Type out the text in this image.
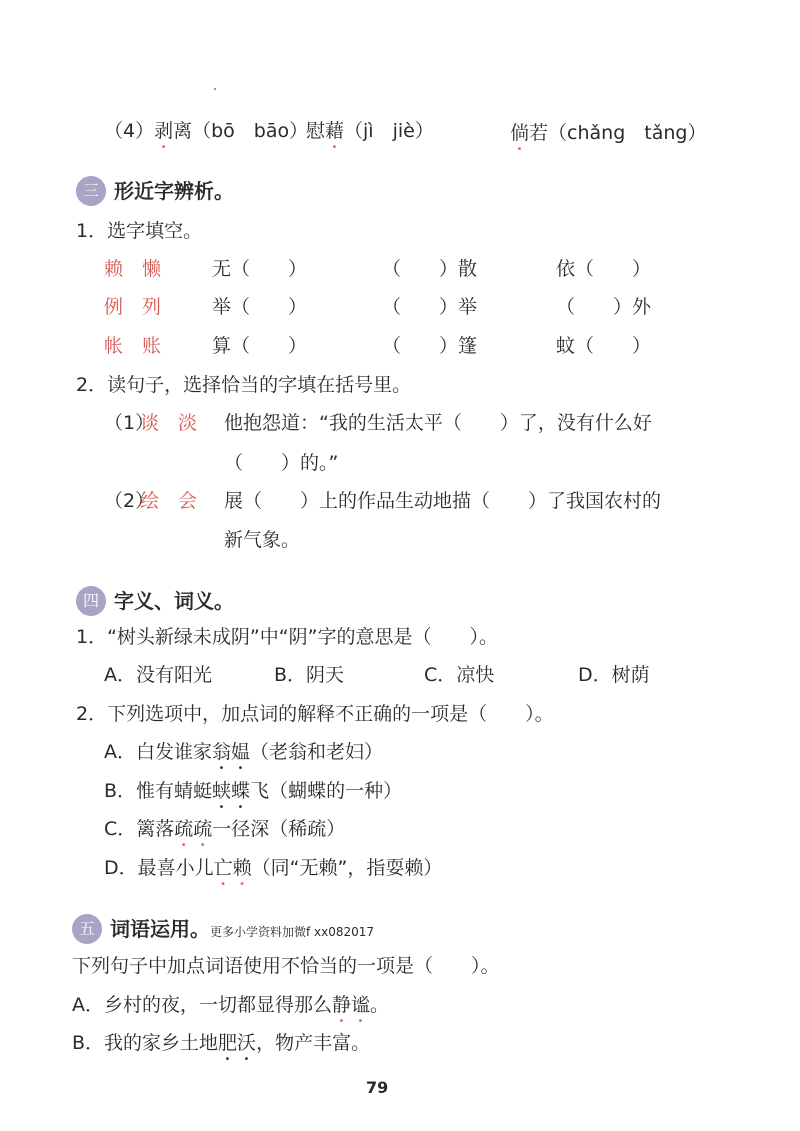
（4）剥离（bō　bāo）
慰藉（jì　jiè）	倘若（chǎng　tǎng）
三 形近字辨析。
1．选字填空。
赖　懒	无（　　）	（　　）散	依（　　）
例　列	举（　　）	（　　）举	（　　）外
帐　账	算（　　）	（　　）篷	蚊（　　）
2．读句子，选择恰当的字填在括号里。
（1）
谈　淡 他抱怨道：“我的生活太平（　　）了，没有什么好
（　　）的。”
（2）
绘　会 展（　　）上的作品生动地描（　　）了我国农村的
新气象。
四 字义、词义。
1．“树头新绿未成阴”中“阴”字的意思是（　　）。
A．没有阳光	B．阴天	C．凉快	D．树荫
2．下列选项中，加点词的解释不正确的一项是（　　）。
A．白发谁家翁媪（老翁和老妇）
B．惟有蜻蜓蛱蝶飞（蝴蝶的一种）
C．篱落疏疏一径深（稀疏）
D．最喜小儿亡赖（同“无赖”，指耍赖）
五 词语运用。更多小学资料加微f xx082017
下列句子中加点词语使用不恰当的一项是（　　）。
A．乡村的夜，一切都显得那么静谧。
B．我的家乡土地肥沃，物产丰富。
79
